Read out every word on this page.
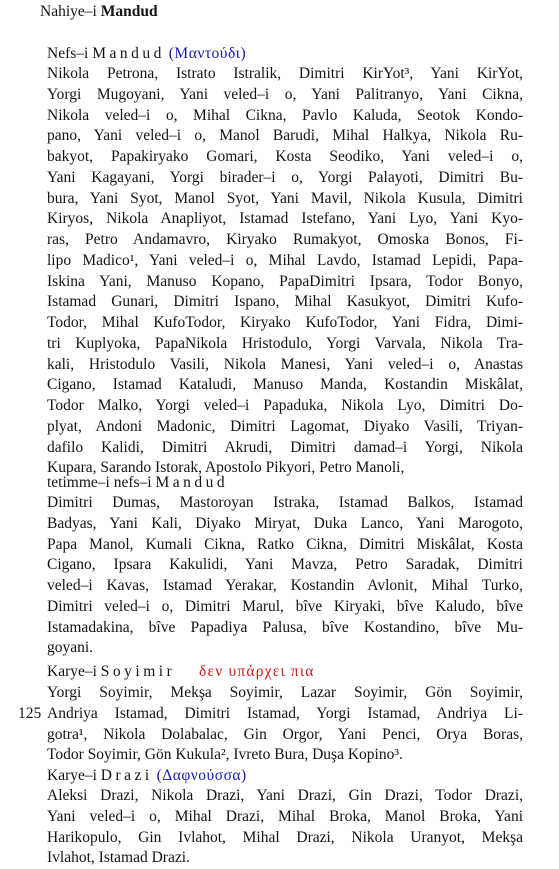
Nahiye–i Mandud
Nefs–i Mandud (Μαντούδι)
Nikola Petrona, Istrato Istralik, Dimitri KirYot³, Yani KirYot,
Yorgi Mugoyani, Yani veled–i o, Yani Palitranyo, Yani Cikna,
Nikola veled–i o, Mihal Cikna, Pavlo Kaluda, Seotok Kondo-
pano, Yani veled–i o, Manol Barudi, Mihal Halkya, Nikola Ru-
bakyot, Papakiryako Gomari, Kosta Seodiko, Yani veled–i o,
Yani Kagayani, Yorgi birader–i o, Yorgi Palayoti, Dimitri Bu-
bura, Yani Syot, Manol Syot, Yani Mavil, Nikola Kusula, Dimitri
Kiryos, Nikola Anapliyot, Istamad Istefano, Yani Lyo, Yani Kyo-
ras, Petro Andamavro, Kiryako Rumakyot, Omoska Bonos, Fi-
lipo Madico¹, Yani veled–i o, Mihal Lavdo, Istamad Lepidi, Papa-
Iskina Yani, Manuso Kopano, PapaDimitri Ipsara, Todor Bonyo,
Istamad Gunari, Dimitri Ispano, Mihal Kasukyot, Dimitri Kufo-
Todor, Mihal KufoTodor, Kiryako KufoTodor, Yani Fidra, Dimi-
tri Kuplyoka, PapaNikola Hristodulo, Yorgi Varvala, Nikola Tra-
kali, Hristodulo Vasili, Nikola Manesi, Yani veled–i o, Anastas
Cigano, Istamad Kataludi, Manuso Manda, Kostandin Miskâlat,
Todor Malko, Yorgi veled–i Papaduka, Nikola Lyo, Dimitri Do-
plyat, Andoni Madonic, Dimitri Lagomat, Diyako Vasili, Triyan-
dafilo Kalidi, Dimitri Akrudi, Dimitri damad–i Yorgi, Nikola
Kupara, Sarando Istorak, Apostolo Pikyori, Petro Manoli,
tetimme–i nefs–i Mandud
Dimitri Dumas, Mastoroyan Istraka, Istamad Balkos, Istamad
Badyas, Yani Kali, Diyako Miryat, Duka Lanco, Yani Marogoto,
Papa Manol, Kumali Cikna, Ratko Cikna, Dimitri Miskâlat, Kosta
Cigano, Ipsara Kakulidi, Yani Mavza, Petro Saradak, Dimitri
veled–i Kavas, Istamad Yerakar, Kostandin Avlonit, Mihal Turko,
Dimitri veled–i o, Dimitri Marul, bîve Kiryaki, bîve Kaludo, bîve
Istamadakina, bîve Papadiya Palusa, bîve Kostandino, bîve Mu-
goyani.
Karye–i Soyimir δεν υπάρχει πια
125
Yorgi Soyimir, Mekşa Soyimir, Lazar Soyimir, Gön Soyimir,
Andriya Istamad, Dimitri Istamad, Yorgi Istamad, Andriya Li-
gotra¹, Nikola Dolabalac, Gin Orgor, Yani Penci, Orya Boras,
Todor Soyimir, Gön Kukula², Ivreto Bura, Duşa Kopino³.
Karye–i Drazi (Δαφνούσσα)
Aleksi Drazi, Nikola Drazi, Yani Drazi, Gin Drazi, Todor Drazi,
Yani veled–i o, Mihal Drazi, Mihal Broka, Manol Broka, Yani
Harikopulo, Gin Ivlahot, Mihal Drazi, Nikola Uranyot, Mekşa
Ivlahot, Istamad Drazi.
